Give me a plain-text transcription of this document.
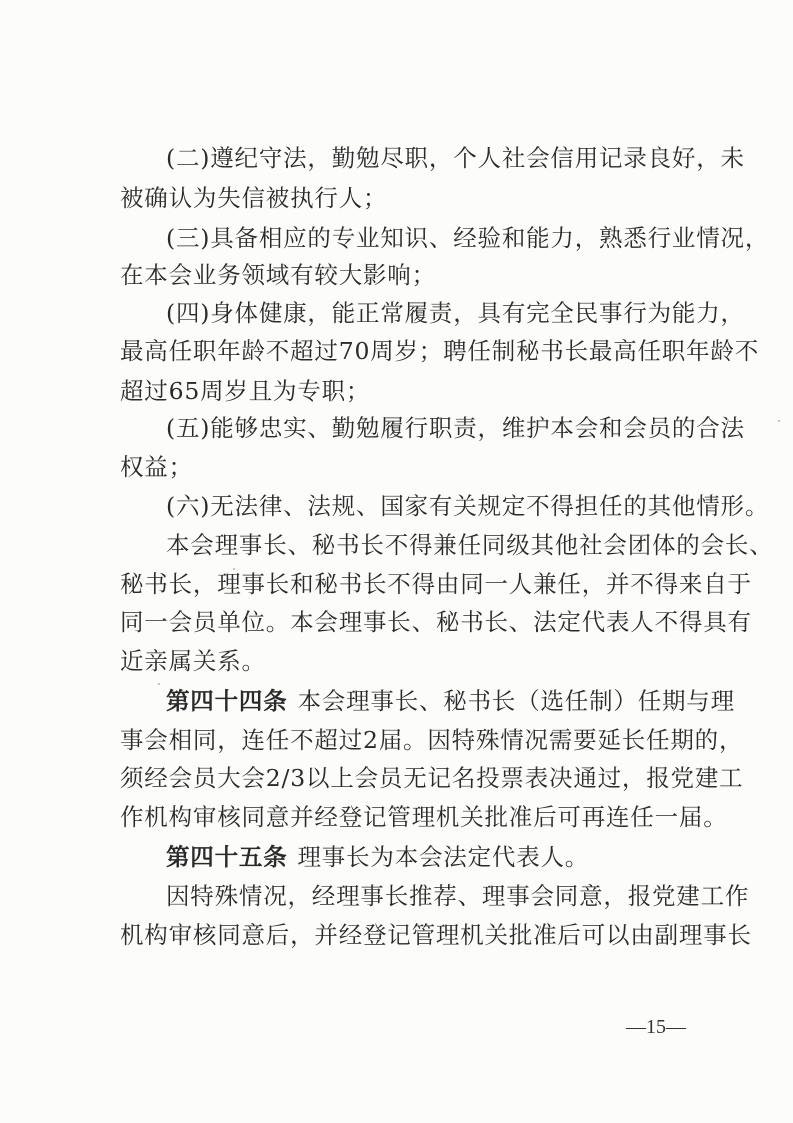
(二)遵纪守法，勤勉尽职，个人社会信用记录良好，未
被确认为失信被执行人；
(三)具备相应的专业知识、经验和能力，熟悉行业情况，
在本会业务领域有较大影响；
(四)身体健康，能正常履责，具有完全民事行为能力，
最高任职年龄不超过70周岁；聘任制秘书长最高任职年龄不
超过65周岁且为专职；
(五)能够忠实、勤勉履行职责，维护本会和会员的合法
权益；
(六)无法律、法规、国家有关规定不得担任的其他情形。
本会理事长、秘书长不得兼任同级其他社会团体的会长、
秘书长，理事长和秘书长不得由同一人兼任，并不得来自于
同一会员单位。本会理事长、秘书长、法定代表人不得具有
近亲属关系。
第四十四条 本会理事长、秘书长（选任制）任期与理
事会相同，连任不超过2届。因特殊情况需要延长任期的，
须经会员大会2/3以上会员无记名投票表决通过，报党建工
作机构审核同意并经登记管理机关批准后可再连任一届。
第四十五条 理事长为本会法定代表人。
因特殊情况，经理事长推荐、理事会同意，报党建工作
机构审核同意后，并经登记管理机关批准后可以由副理事长
—15—
